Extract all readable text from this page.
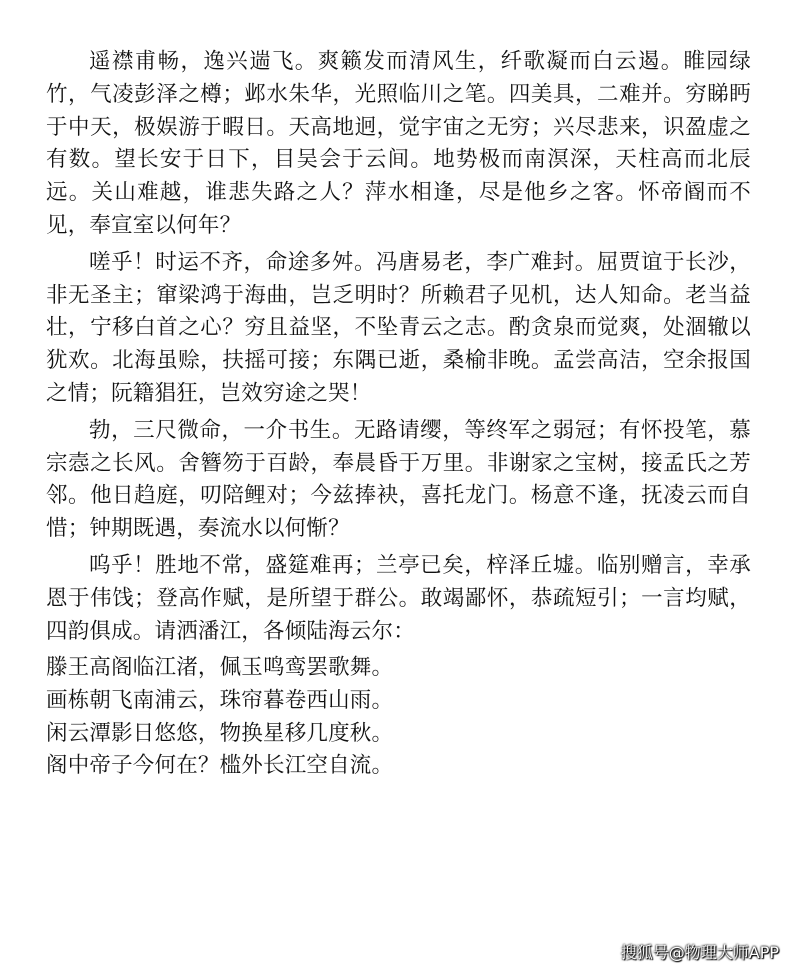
遥襟甫畅，逸兴遄飞。爽籁发而清风生，纤歌凝而白云遏。睢园绿竹，气凌彭泽之樽；邺水朱华，光照临川之笔。四美具，二难并。穷睇眄于中天，极娱游于暇日。天高地迥，觉宇宙之无穷；兴尽悲来，识盈虚之有数。望长安于日下，目吴会于云间。地势极而南溟深，天柱高而北辰远。关山难越，谁悲失路之人？萍水相逢，尽是他乡之客。怀帝阍而不见，奉宣室以何年？

嗟乎！时运不齐，命途多舛。冯唐易老，李广难封。屈贾谊于长沙，非无圣主；窜梁鸿于海曲，岂乏明时？所赖君子见机，达人知命。老当益壮，宁移白首之心？穷且益坚，不坠青云之志。酌贪泉而觉爽，处涸辙以犹欢。北海虽赊，扶摇可接；东隅已逝，桑榆非晚。孟尝高洁，空余报国之情；阮籍猖狂，岂效穷途之哭！

勃，三尺微命，一介书生。无路请缨，等终军之弱冠；有怀投笔，慕宗悫之长风。舍簪笏于百龄，奉晨昏于万里。非谢家之宝树，接孟氏之芳邻。他日趋庭，叨陪鲤对；今兹捧袂，喜托龙门。杨意不逢，抚凌云而自惜；钟期既遇，奏流水以何惭？

呜乎！胜地不常，盛筵难再；兰亭已矣，梓泽丘墟。临别赠言，幸承恩于伟饯；登高作赋，是所望于群公。敢竭鄙怀，恭疏短引；一言均赋，四韵俱成。请洒潘江，各倾陆海云尔：

滕王高阁临江渚，佩玉鸣鸾罢歌舞。

画栋朝飞南浦云，珠帘暮卷西山雨。

闲云潭影日悠悠，物换星移几度秋。

阁中帝子今何在？槛外长江空自流。

搜狐号@物理大师APP
